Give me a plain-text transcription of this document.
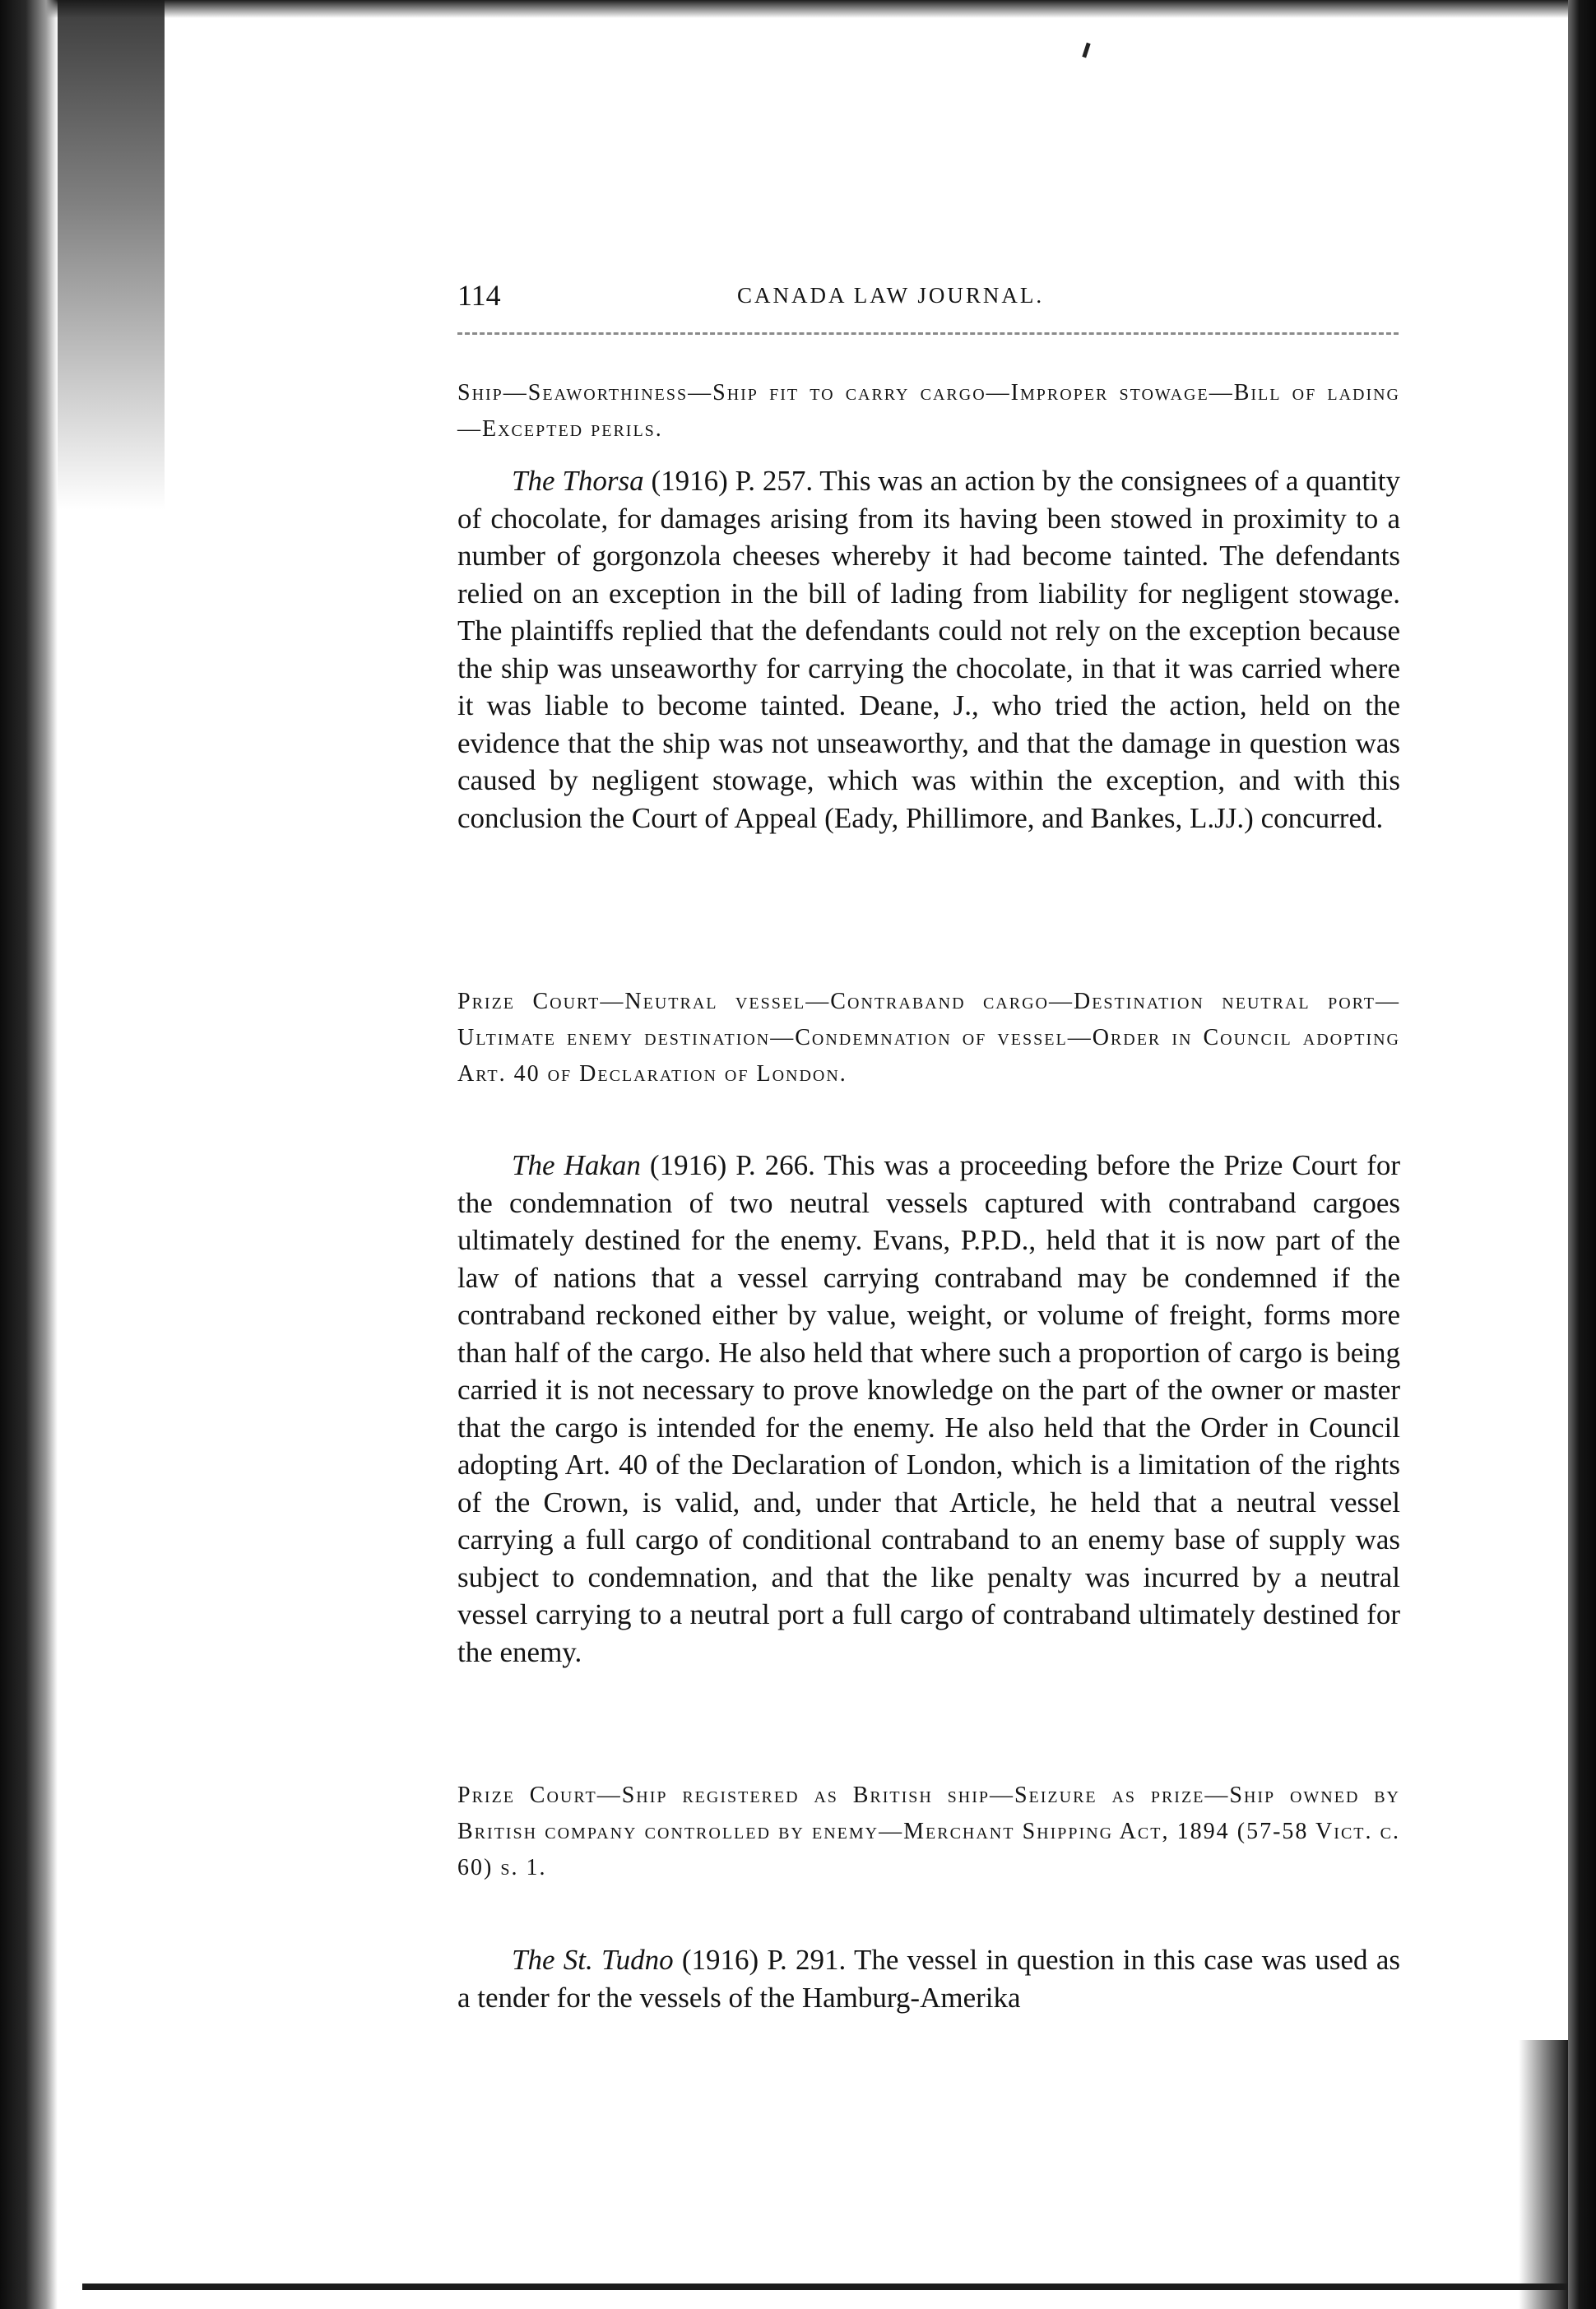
114	CANADA LAW JOURNAL.
Ship—Seaworthiness—Ship fit to carry cargo—Improper stowage—Bill of lading—Excepted perils.
The Thorsa (1916) P. 257. This was an action by the consignees of a quantity of chocolate, for damages arising from its having been stowed in proximity to a number of gorgonzola cheeses whereby it had become tainted. The defendants relied on an exception in the bill of lading from liability for negligent stowage. The plaintiffs replied that the defendants could not rely on the exception because the ship was unseaworthy for carrying the chocolate, in that it was carried where it was liable to become tainted. Deane, J., who tried the action, held on the evidence that the ship was not unseaworthy, and that the damage in question was caused by negligent stowage, which was within the exception, and with this conclusion the Court of Appeal (Eady, Phillimore, and Bankes, L.JJ.) concurred.
Prize Court—Neutral vessel—Contraband cargo—Destination neutral port—Ultimate enemy destination—Condemnation of vessel—Order in Council adopting Art. 40 of Declaration of London.
The Hakan (1916) P. 266. This was a proceeding before the Prize Court for the condemnation of two neutral vessels captured with contraband cargoes ultimately destined for the enemy. Evans, P.P.D., held that it is now part of the law of nations that a vessel carrying contraband may be condemned if the contraband reckoned either by value, weight, or volume of freight, forms more than half of the cargo. He also held that where such a proportion of cargo is being carried it is not necessary to prove knowledge on the part of the owner or master that the cargo is intended for the enemy. He also held that the Order in Council adopting Art. 40 of the Declaration of London, which is a limitation of the rights of the Crown, is valid, and, under that Article, he held that a neutral vessel carrying a full cargo of conditional contraband to an enemy base of supply was subject to condemnation, and that the like penalty was incurred by a neutral vessel carrying to a neutral port a full cargo of contraband ultimately destined for the enemy.
Prize Court—Ship registered as British ship—Seizure as prize—Ship owned by British company controlled by enemy—Merchant Shipping Act, 1894 (57-58 Vict. c. 60) s. 1.
The St. Tudno (1916) P. 291. The vessel in question in this case was used as a tender for the vessels of the Hamburg-Amerika
